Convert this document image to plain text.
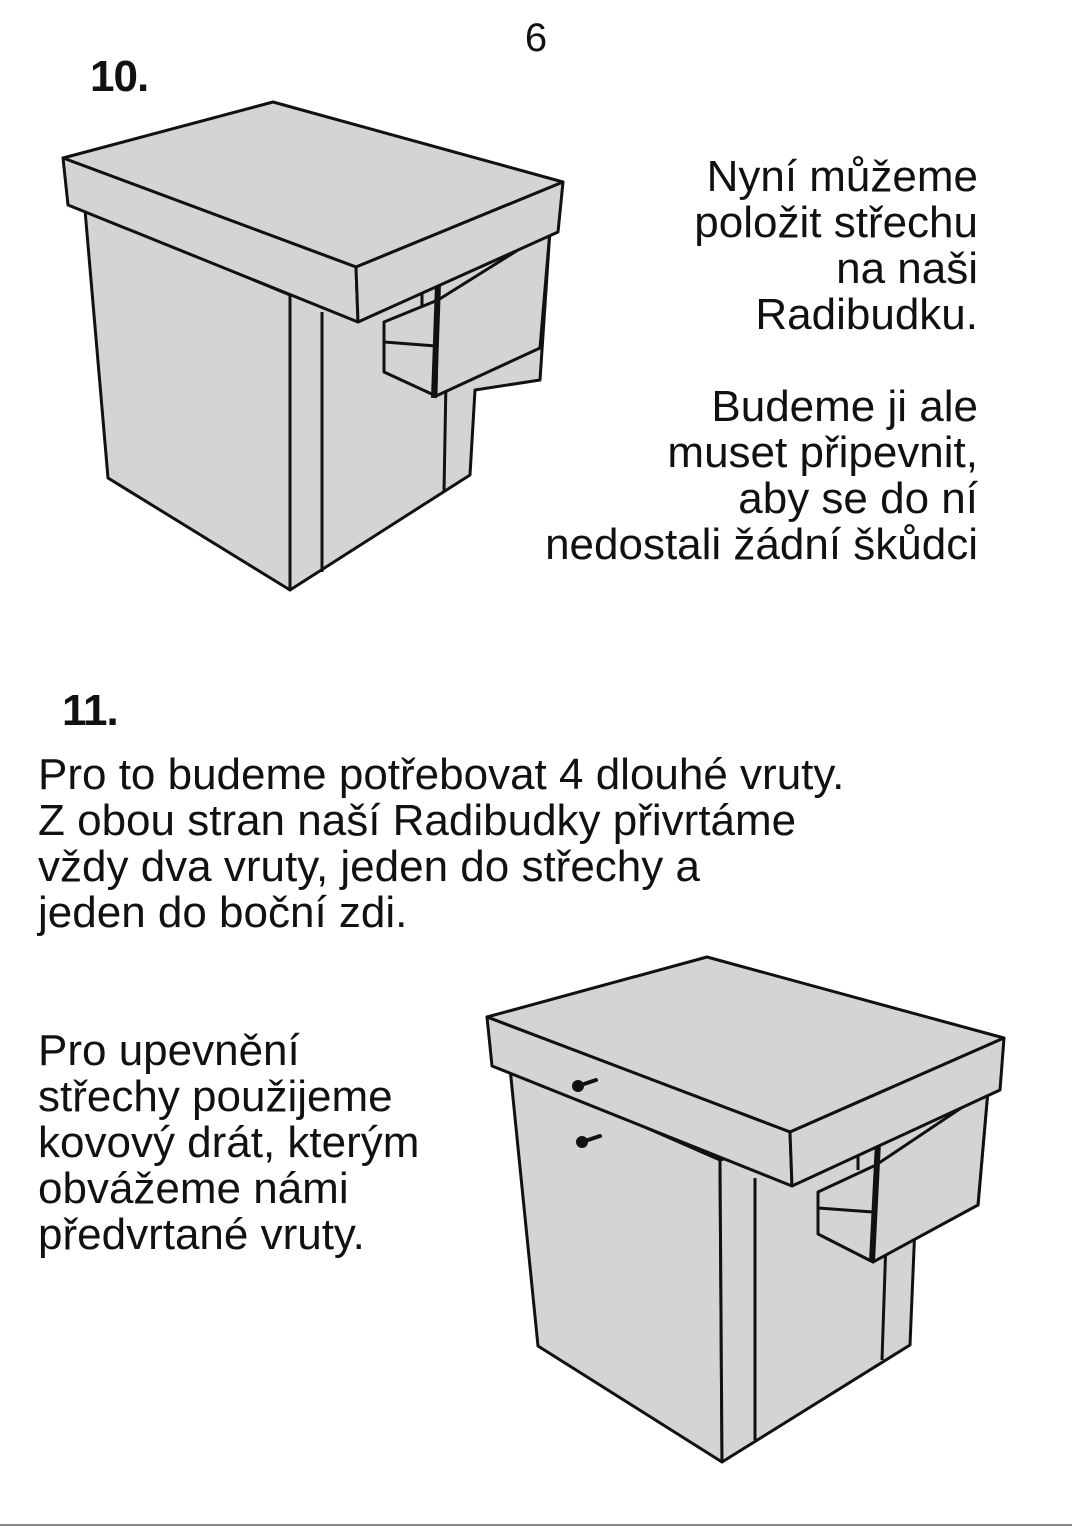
6
10.
Nyní můžeme
položit střechu
na naši
Radibudku.
Budeme ji ale
muset připevnit,
aby se do ní
nedostali žádní škůdci
11.
Pro to budeme potřebovat 4 dlouhé vruty.
Z obou stran naší Radibudky přivrtáme
vždy dva vruty, jeden do střechy a
jeden do boční zdi.
Pro upevnění
střechy použijeme
kovový drát, kterým
obvážeme námi
předvrtané vruty.
